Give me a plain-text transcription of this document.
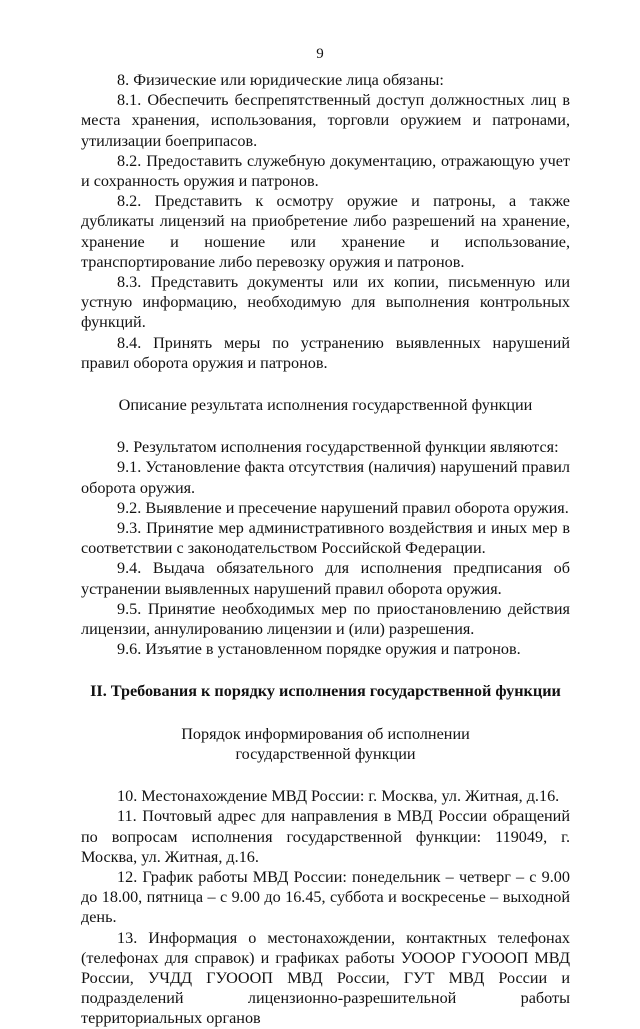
9

8. Физические или юридические лица обязаны:

8.1. Обеспечить беспрепятственный доступ должностных лиц в места хранения, использования, торговли оружием и патронами, утилизации боеприпасов.

8.2. Предоставить служебную документацию, отражающую учет и сохранность оружия и патронов.

8.2. Представить к осмотру оружие и патроны, а также дубликаты лицензий на приобретение либо разрешений на хранение, хранение и ношение или хранение и использование, транспортирование либо перевозку оружия и патронов.

8.3. Представить документы или их копии, письменную или устную информацию, необходимую для выполнения контрольных функций.

8.4. Принять меры по устранению выявленных нарушений правил оборота оружия и патронов.

Описание результата исполнения государственной функции

9. Результатом исполнения государственной функции являются:

9.1. Установление факта отсутствия (наличия) нарушений правил оборота оружия.

9.2. Выявление и пресечение нарушений правил оборота оружия.

9.3. Принятие мер административного воздействия и иных мер в соответствии с законодательством Российской Федерации.

9.4. Выдача обязательного для исполнения предписания об устранении выявленных нарушений правил оборота оружия.

9.5. Принятие необходимых мер по приостановлению действия лицензии, аннулированию лицензии и (или) разрешения.

9.6. Изъятие в установленном порядке оружия и патронов.

II. Требования к порядку исполнения государственной функции

Порядок информирования об исполнении

государственной функции

10. Местонахождение МВД России: г. Москва, ул. Житная, д.16.

11. Почтовый адрес для направления в МВД России обращений по вопросам исполнения государственной функции: 119049, г. Москва, ул. Житная, д.16.

12. График работы МВД России: понедельник – четверг – с 9.00 до 18.00, пятница – с 9.00 до 16.45, суббота и воскресенье – выходной день.

13. Информация о местонахождении, контактных телефонах (телефонах для справок) и графиках работы УОООР ГУОООП МВД России, УЧДД ГУОООП МВД России, ГУТ МВД России и подразделений лицензионно-разрешительной работы территориальных органов
